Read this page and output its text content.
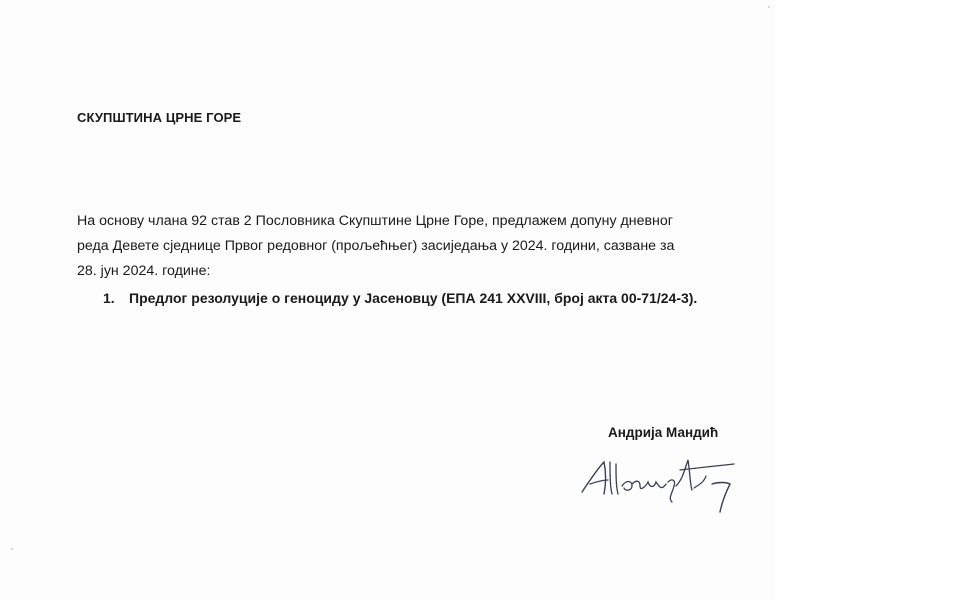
СКУПШТИНА ЦРНЕ ГОРЕ
На основу члана 92 став 2 Пословника Скупштине Црне Горе, предлажем допуну дневног
реда Девете сједнице Првог редовног (прољећњег) засиједања у 2024. години, сазване за
28. јун 2024. године:
1. Предлог резолуције о геноциду у Јасеновцу (ЕПА 241 XXVIII, број акта 00-71/24-3).
Андрија Мандић
